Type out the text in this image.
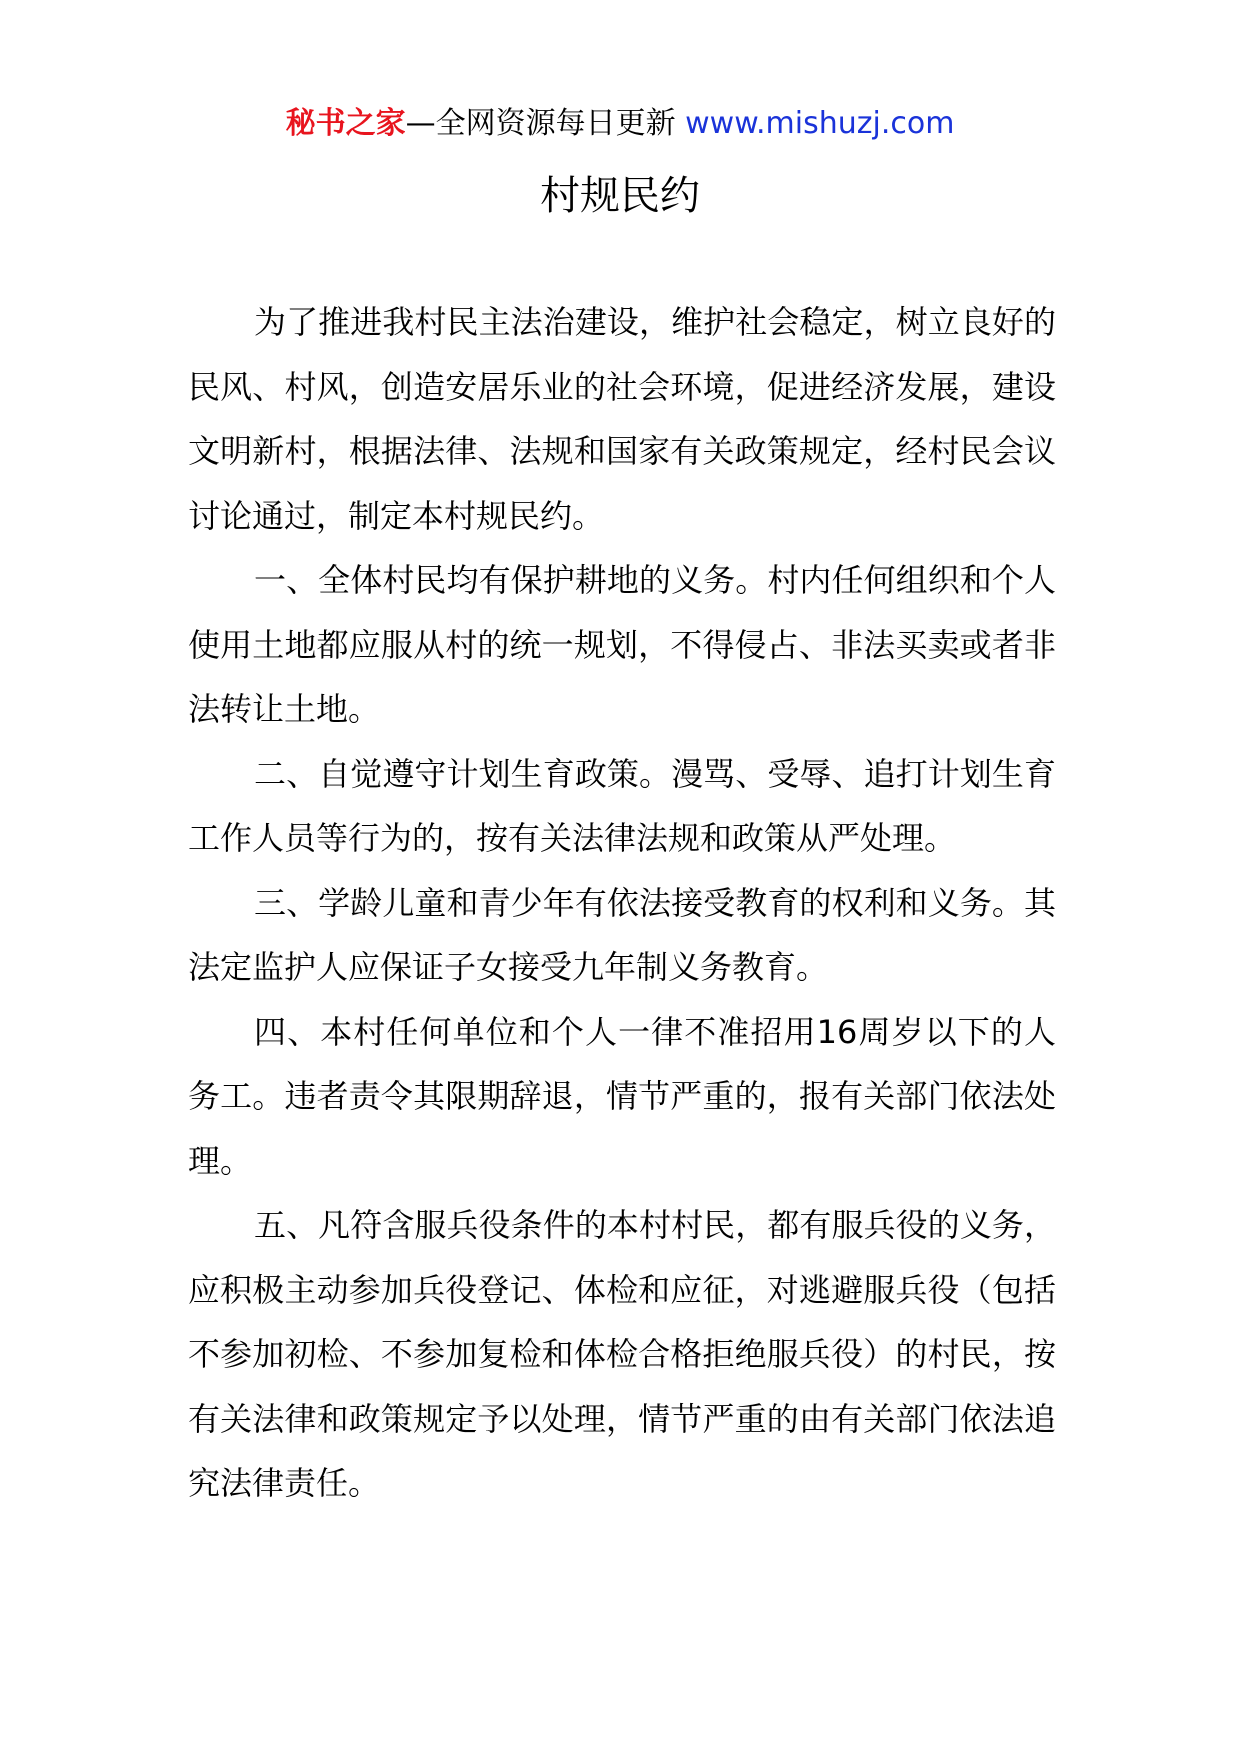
秘书之家—全网资源每日更新 www.mishuzj.com
村规民约

为了推进我村民主法治建设，维护社会稳定，树立良好的民风、村风，创造安居乐业的社会环境，促进经济发展，建设文明新村，根据法律、法规和国家有关政策规定，经村民会议讨论通过，制定本村规民约。

一、全体村民均有保护耕地的义务。村内任何组织和个人使用土地都应服从村的统一规划，不得侵占、非法买卖或者非法转让土地。

二、自觉遵守计划生育政策。漫骂、受辱、追打计划生育工作人员等行为的，按有关法律法规和政策从严处理。

三、学龄儿童和青少年有依法接受教育的权利和义务。其法定监护人应保证子女接受九年制义务教育。

四、本村任何单位和个人一律不准招用16周岁以下的人务工。违者责令其限期辞退，情节严重的，报有关部门依法处理。

五、凡符含服兵役条件的本村村民，都有服兵役的义务，应积极主动参加兵役登记、体检和应征，对逃避服兵役（包括不参加初检、不参加复检和体检合格拒绝服兵役）的村民，按有关法律和政策规定予以处理，情节严重的由有关部门依法追究法律责任。
